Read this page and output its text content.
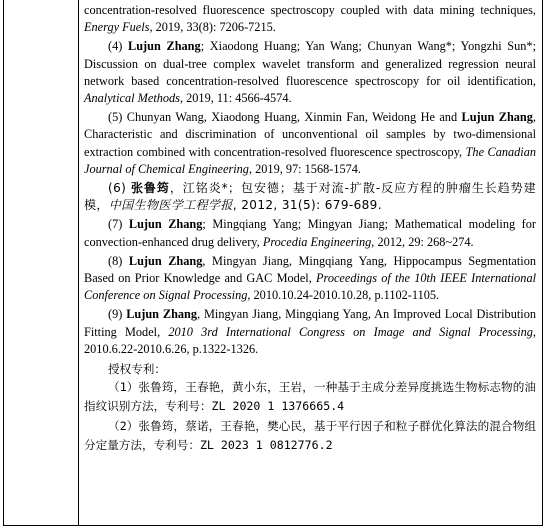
concentration-resolved fluorescence spectroscopy coupled with data mining techniques, Energy Fuels, 2019, 33(8): 7206-7215.

(4) Lujun Zhang; Xiaodong Huang; Yan Wang; Chunyan Wang*; Yongzhi Sun*; Discussion on dual-tree complex wavelet transform and generalized regression neural network based concentration-resolved fluorescence spectroscopy for oil identification, Analytical Methods, 2019, 11: 4566-4574.

(5) Chunyan Wang, Xiaodong Huang, Xinmin Fan, Weidong He and Lujun Zhang, Characteristic and discrimination of unconventional oil samples by two-dimensional extraction combined with concentration-resolved fluorescence spectroscopy, The Canadian Journal of Chemical Engineering, 2019, 97: 1568-1574.

(6) 张鲁筠，江铭炎*；包安德；基于对流-扩散-反应方程的肿瘤生长趋势建模，中国生物医学工程学报, 2012, 31(5): 679-689.

(7) Lujun Zhang; Mingqiang Yang; Mingyan Jiang; Mathematical modeling for convection-enhanced drug delivery, Procedia Engineering, 2012, 29: 268~274.

(8) Lujun Zhang, Mingyan Jiang, Mingqiang Yang, Hippocampus Segmentation Based on Prior Knowledge and GAC Model, Proceedings of the 10th IEEE International Conference on Signal Processing, 2010.10.24-2010.10.28, p.1102-1105.

(9) Lujun Zhang, Mingyan Jiang, Mingqiang Yang, An Improved Local Distribution Fitting Model, 2010 3rd International Congress on Image and Signal Processing, 2010.6.22-2010.6.26, p.1322-1326.

授权专利：
（1）张鲁筠，王春艳，黄小东，王岩，一种基于主成分差异度挑选生物标志物的油指纹识别方法，专利号：ZL 2020 1 1376665.4
（2）张鲁筠，蔡诺，王春艳，樊心民，基于平行因子和粒子群优化算法的混合物组分定量方法，专利号：ZL 2023 1 0812776.2
